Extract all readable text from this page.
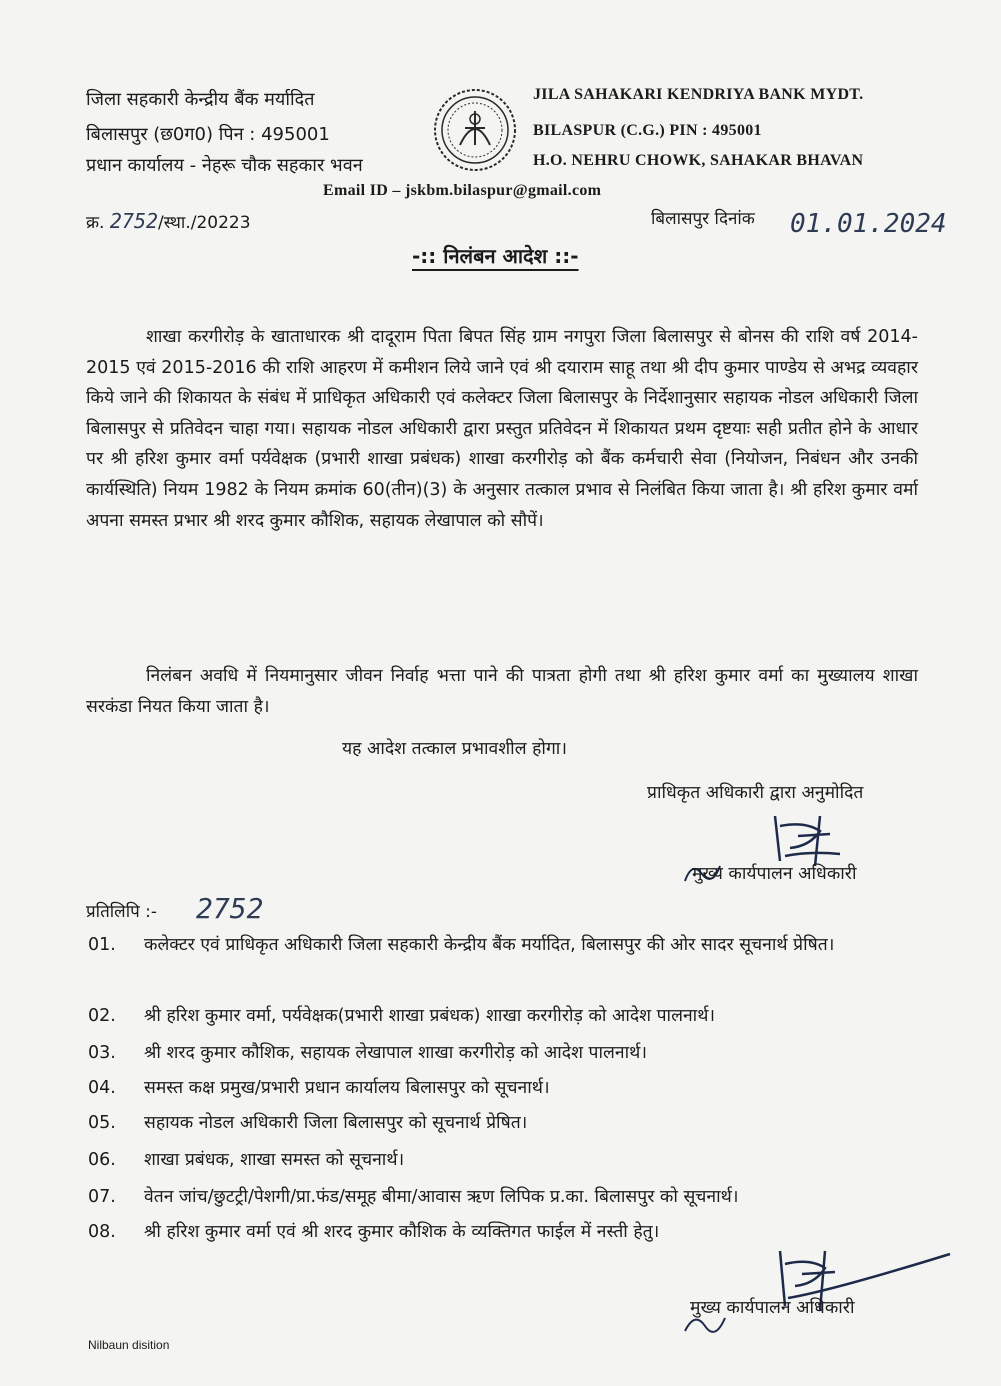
जिला सहकारी केन्द्रीय बैंक मर्यादित
बिलासपुर (छ0ग0) पिन : 495001
प्रधान कार्यालय - नेहरू चौक सहकार भवन
JILA SAHAKARI KENDRIYA BANK MYDT.
BILASPUR (C.G.) PIN : 495001
H.O. NEHRU CHOWK, SAHAKAR BHAVAN
Email ID – jskbm.bilaspur@gmail.com
क्र. 2752/स्था./20223	बिलासपुर दिनांक 01.01.2024
-:: निलंबन आदेश ::-
शाखा करगीरोड़ के खाताधारक श्री दादूराम पिता बिपत सिंह ग्राम नगपुरा जिला बिलासपुर से बोनस की राशि वर्ष 2014-2015 एवं 2015-2016 की राशि आहरण में कमीशन लिये जाने एवं श्री दयाराम साहू तथा श्री दीप कुमार पाण्डेय से अभद्र व्यवहार किये जाने की शिकायत के संबंध में प्राधिकृत अधिकारी एवं कलेक्टर जिला बिलासपुर के निर्देशानुसार सहायक नोडल अधिकारी जिला बिलासपुर से प्रतिवेदन चाहा गया। सहायक नोडल अधिकारी द्वारा प्रस्तुत प्रतिवेदन में शिकायत प्रथम दृष्टयाः सही प्रतीत होने के आधार पर श्री हरिश कुमार वर्मा पर्यवेक्षक (प्रभारी शाखा प्रबंधक) शाखा करगीरोड़ को बैंक कर्मचारी सेवा (नियोजन, निबंधन और उनकी कार्यस्थिति) नियम 1982 के नियम क्रमांक 60(तीन)(3) के अनुसार तत्काल प्रभाव से निलंबित किया जाता है। श्री हरिश कुमार वर्मा अपना समस्त प्रभार श्री शरद कुमार कौशिक, सहायक लेखापाल को सौपें।
निलंबन अवधि में नियमानुसार जीवन निर्वाह भत्ता पाने की पात्रता होगी तथा श्री हरिश कुमार वर्मा का मुख्यालय शाखा सरकंडा नियत किया जाता है।
यह आदेश तत्काल प्रभावशील होगा।
प्राधिकृत अधिकारी द्वारा अनुमोदित
मुख्य कार्यपालन अधिकारी
प्रतिलिपि :- 2752
01.	कलेक्टर एवं प्राधिकृत अधिकारी जिला सहकारी केन्द्रीय बैंक मर्यादित, बिलासपुर की ओर सादर सूचनार्थ प्रेषित।
02.	श्री हरिश कुमार वर्मा, पर्यवेक्षक(प्रभारी शाखा प्रबंधक) शाखा करगीरोड़ को आदेश पालनार्थ।
03.	श्री शरद कुमार कौशिक, सहायक लेखापाल शाखा करगीरोड़ को आदेश पालनार्थ।
04.	समस्त कक्ष प्रमुख/प्रभारी प्रधान कार्यालय बिलासपुर को सूचनार्थ।
05.	सहायक नोडल अधिकारी जिला बिलासपुर को सूचनार्थ प्रेषित।
06.	शाखा प्रबंधक, शाखा समस्त को सूचनार्थ।
07.	वेतन जांच/छुटट्री/पेशगी/प्रा.फंड/समूह बीमा/आवास ऋण लिपिक प्र.का. बिलासपुर को सूचनार्थ।
08.	श्री हरिश कुमार वर्मा एवं श्री शरद कुमार कौशिक के व्यक्तिगत फाईल में नस्ती हेतु।
मुख्य कार्यपालन अधिकारी
Nilbaun disition
